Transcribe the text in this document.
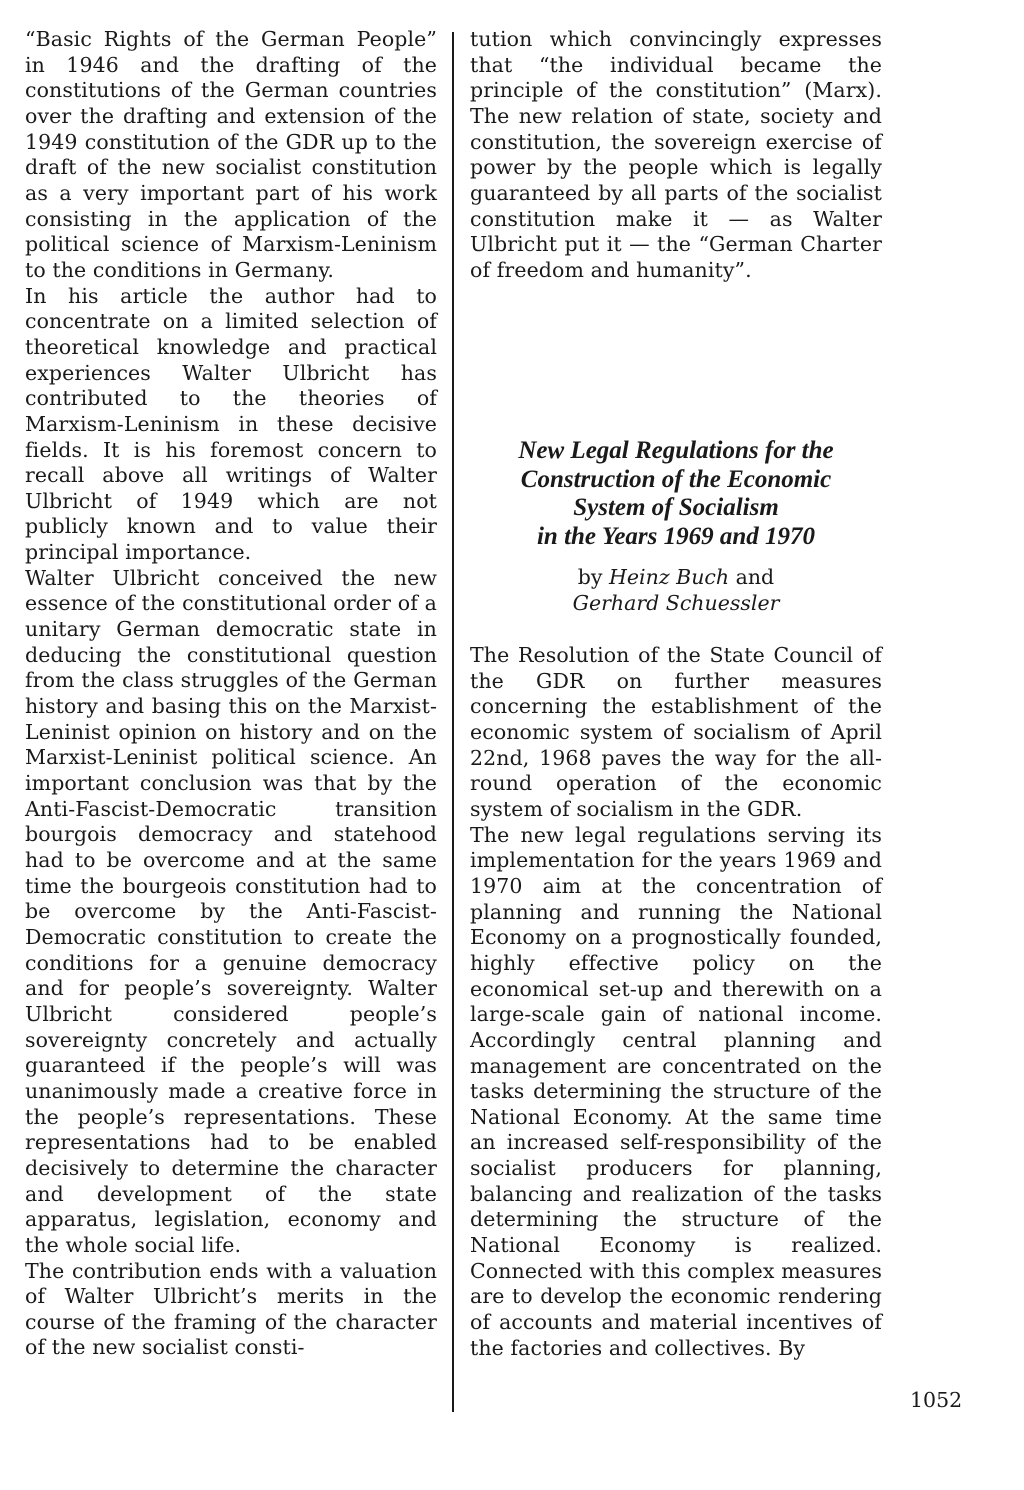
“Basic Rights of the German People” in 1946 and the drafting of the constitutions of the German countries over the drafting and extension of the 1949 constitution of the GDR up to the draft of the new socialist constitution as a very important part of his work consisting in the application of the political science of Marxism-Leninism to the conditions in Germany.

In his article the author had to concentrate on a limited selection of theoretical knowledge and practical experiences Walter Ulbricht has contributed to the theories of Marxism-Leninism in these decisive fields. It is his foremost concern to recall above all writings of Walter Ulbricht of 1949 which are not publicly known and to value their principal importance.

Walter Ulbricht conceived the new essence of the constitutional order of a unitary German democratic state in deducing the constitutional question from the class struggles of the German history and basing this on the Marxist-Leninist opinion on history and on the Marxist-Leninist political science. An important conclusion was that by the Anti-Fascist-Democratic transition bourgois democracy and statehood had to be overcome and at the same time the bourgeois constitution had to be overcome by the Anti-Fascist-Democratic constitution to create the conditions for a genuine democracy and for people’s sovereignty. Walter Ulbricht considered people’s sovereignty concretely and actually guaranteed if the people’s will was unanimously made a creative force in the people’s representations. These representations had to be enabled decisively to determine the character and development of the state apparatus, legislation, economy and the whole social life.

The contribution ends with a valuation of Walter Ulbricht’s merits in the course of the framing of the character of the new socialist consti-

tution which convincingly expresses that “the individual became the principle of the constitution” (Marx). The new relation of state, society and constitution, the sovereign exercise of power by the people which is legally guaranteed by all parts of the socialist constitution make it — as Walter Ulbricht put it — the “German Charter of freedom and humanity”.

New Legal Regulations for the
Construction of the Economic
System of Socialism
in the Years 1969 and 1970
by Heinz Buch and
Gerhard Schuessler

The Resolution of the State Council of the GDR on further measures concerning the establishment of the economic system of socialism of April 22nd, 1968 paves the way for the all-round operation of the economic system of socialism in the GDR.

The new legal regulations serving its implementation for the years 1969 and 1970 aim at the concentration of planning and running the National Economy on a prognostically founded, highly effective policy on the economical set-up and therewith on a large-scale gain of national income. Accordingly central planning and management are concentrated on the tasks determining the structure of the National Economy. At the same time an increased self-responsibility of the socialist producers for planning, balancing and realization of the tasks determining the structure of the National Economy is realized. Connected with this complex measures are to develop the economic rendering of accounts and material incentives of the factories and collectives. By

1052
